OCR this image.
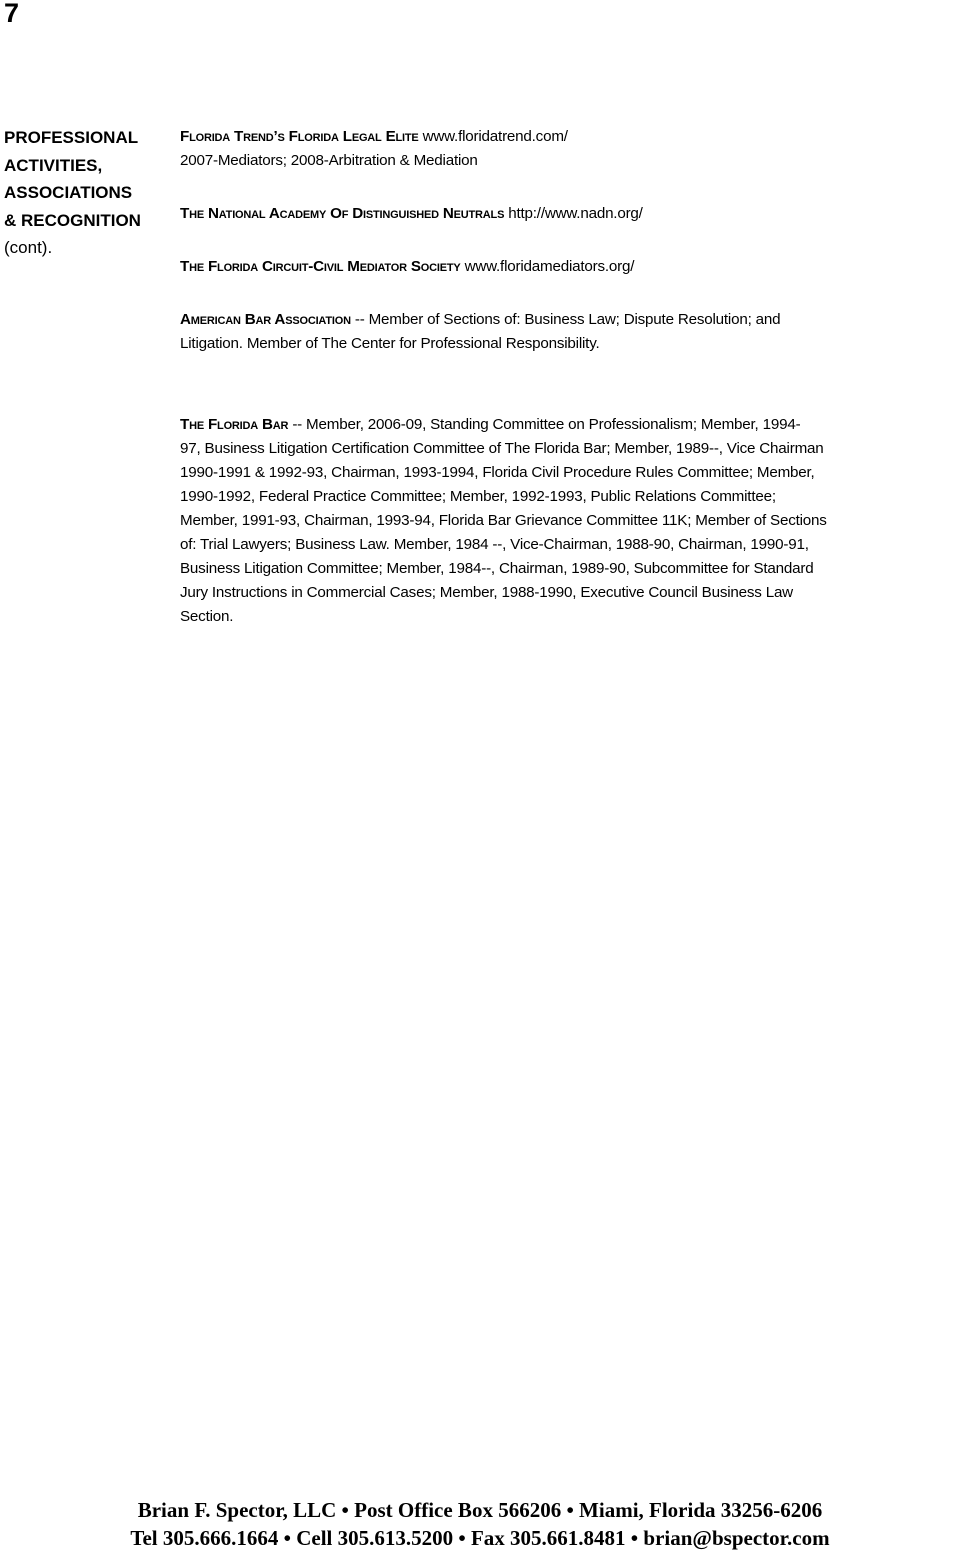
7
PROFESSIONAL
ACTIVITIES,
ASSOCIATIONS
& RECOGNITION
(cont).
Florida Trend’s Florida Legal Elite www.floridatrend.com/
2007-Mediators; 2008-Arbitration & Mediation
The National Academy Of Distinguished Neutrals http://www.nadn.org/
The Florida Circuit-Civil Mediator Society www.floridamediators.org/
American Bar Association -- Member of Sections of: Business Law; Dispute Resolution; and
Litigation. Member of The Center for Professional Responsibility.
The Florida Bar -- Member, 2006-09, Standing Committee on Professionalism; Member, 1994-
97, Business Litigation Certification Committee of The Florida Bar; Member, 1989--, Vice Chairman
1990-1991 & 1992-93, Chairman, 1993-1994, Florida Civil Procedure Rules Committee; Member,
1990-1992, Federal Practice Committee; Member, 1992-1993, Public Relations Committee;
Member, 1991-93, Chairman, 1993-94, Florida Bar Grievance Committee 11K; Member of Sections
of: Trial Lawyers; Business Law. Member, 1984 --, Vice-Chairman, 1988-90, Chairman, 1990-91,
Business Litigation Committee; Member, 1984--, Chairman, 1989-90, Subcommittee for Standard
Jury Instructions in Commercial Cases; Member, 1988-1990, Executive Council Business Law
Section.
Brian F. Spector, LLC • Post Office Box 566206 • Miami, Florida 33256-6206
Tel 305.666.1664 • Cell 305.613.5200 • Fax 305.661.8481 • brian@bspector.com
